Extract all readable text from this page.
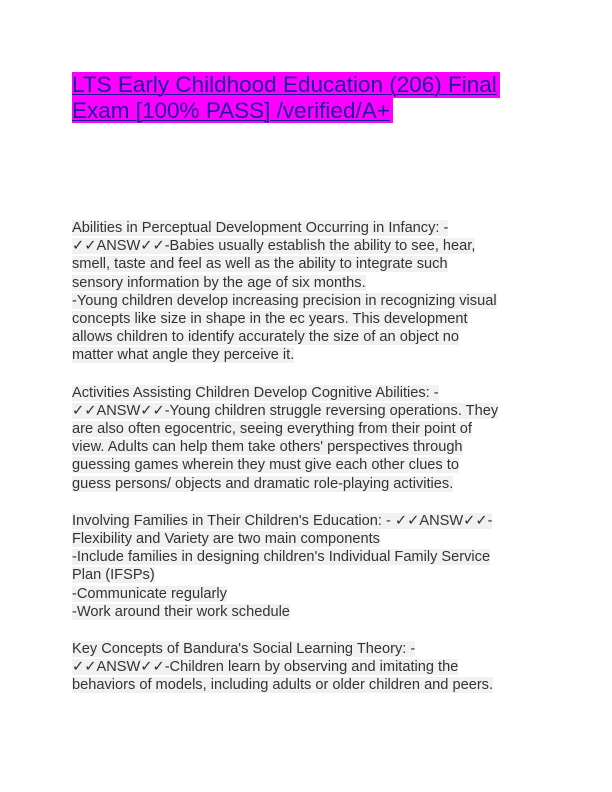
LTS Early Childhood Education (206) Final
Exam [100% PASS] /verified/A+
Abilities in Perceptual Development Occurring in Infancy: -
✓✓ANSW✓✓-Babies usually establish the ability to see, hear,
smell, taste and feel as well as the ability to integrate such
sensory information by the age of six months.
-Young children develop increasing precision in recognizing visual
concepts like size in shape in the ec years. This development
allows children to identify accurately the size of an object no
matter what angle they perceive it.
Activities Assisting Children Develop Cognitive Abilities: -
✓✓ANSW✓✓-Young children struggle reversing operations. They
are also often egocentric, seeing everything from their point of
view. Adults can help them take others' perspectives through
guessing games wherein they must give each other clues to
guess persons/ objects and dramatic role-playing activities.
Involving Families in Their Children's Education: - ✓✓ANSW✓✓-
Flexibility and Variety are two main components
-Include families in designing children's Individual Family Service
Plan (IFSPs)
-Communicate regularly
-Work around their work schedule
Key Concepts of Bandura's Social Learning Theory: -
✓✓ANSW✓✓-Children learn by observing and imitating the
behaviors of models, including adults or older children and peers.
